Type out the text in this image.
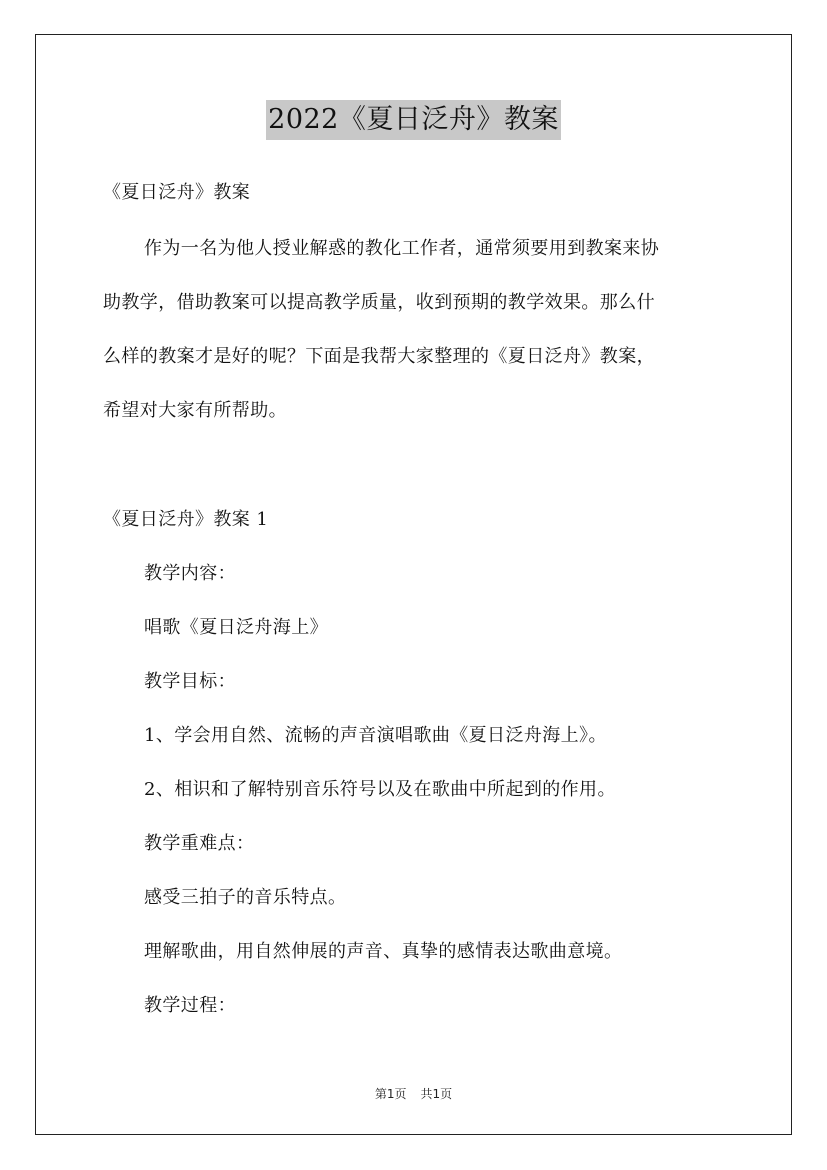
2022《夏日泛舟》教案
《夏日泛舟》教案
作为一名为他人授业解惑的教化工作者，通常须要用到教案来协
助教学，借助教案可以提高教学质量，收到预期的教学效果。那么什
么样的教案才是好的呢？下面是我帮大家整理的《夏日泛舟》教案，
希望对大家有所帮助。
《夏日泛舟》教案 1
教学内容：
唱歌《夏日泛舟海上》
教学目标：
1、学会用自然、流畅的声音演唱歌曲《夏日泛舟海上》。
2、相识和了解特别音乐符号以及在歌曲中所起到的作用。
教学重难点：
感受三拍子的音乐特点。
理解歌曲，用自然伸展的声音、真挚的感情表达歌曲意境。
教学过程：
第1页 共1页
